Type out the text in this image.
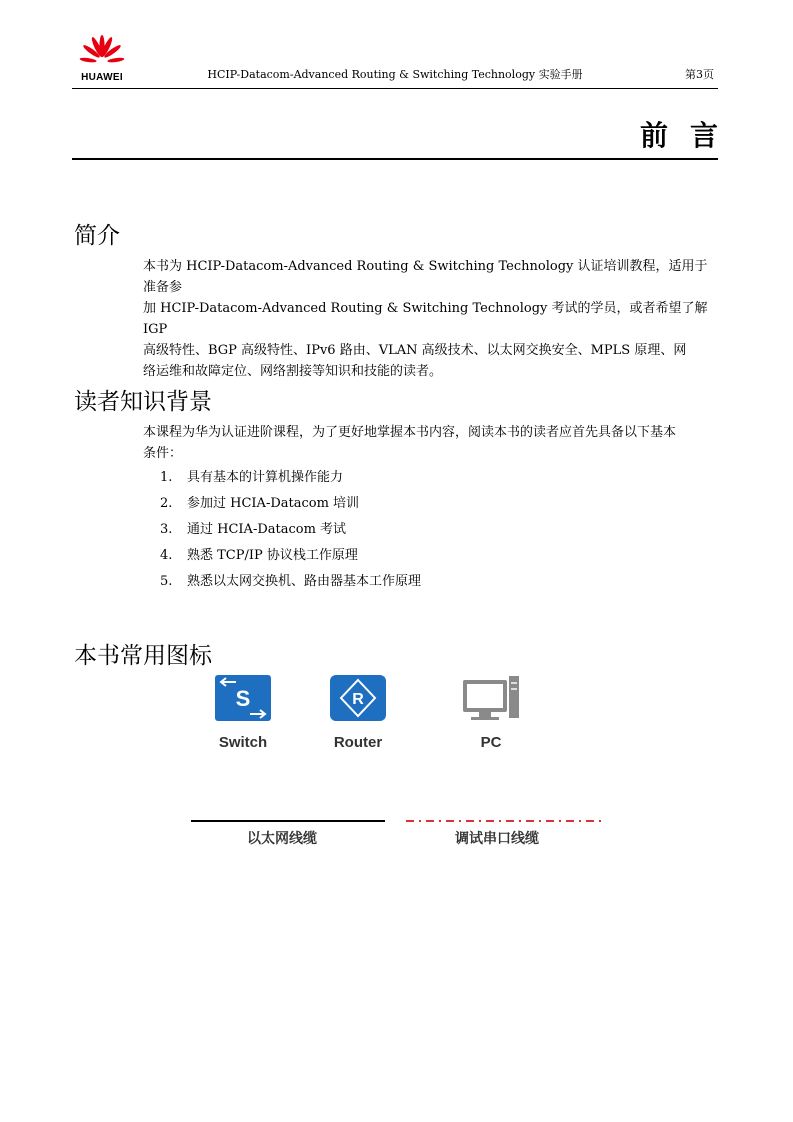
HUAWEI	HCIP-Datacom-Advanced Routing & Switching Technology 实验手册	第3页
前言
简介
本书为 HCIP-Datacom-Advanced Routing & Switching Technology 认证培训教程，适用于准备参
加 HCIP-Datacom-Advanced Routing & Switching Technology 考试的学员，或者希望了解 IGP
高级特性、BGP 高级特性、IPv6 路由、VLAN 高级技术、以太网交换安全、MPLS 原理、网
络运维和故障定位、网络割接等知识和技能的读者。
读者知识背景
本课程为华为认证进阶课程，为了更好地掌握本书内容，阅读本书的读者应首先具备以下基本
条件：
1.	具有基本的计算机操作能力
2.	参加过 HCIA-Datacom 培训
3.	通过 HCIA-Datacom 考试
4.	熟悉 TCP/IP 协议栈工作原理
5.	熟悉以太网交换机、路由器基本工作原理
本书常用图标
S
Switch
R
Router	PC
以太网线缆	调试串口线缆
